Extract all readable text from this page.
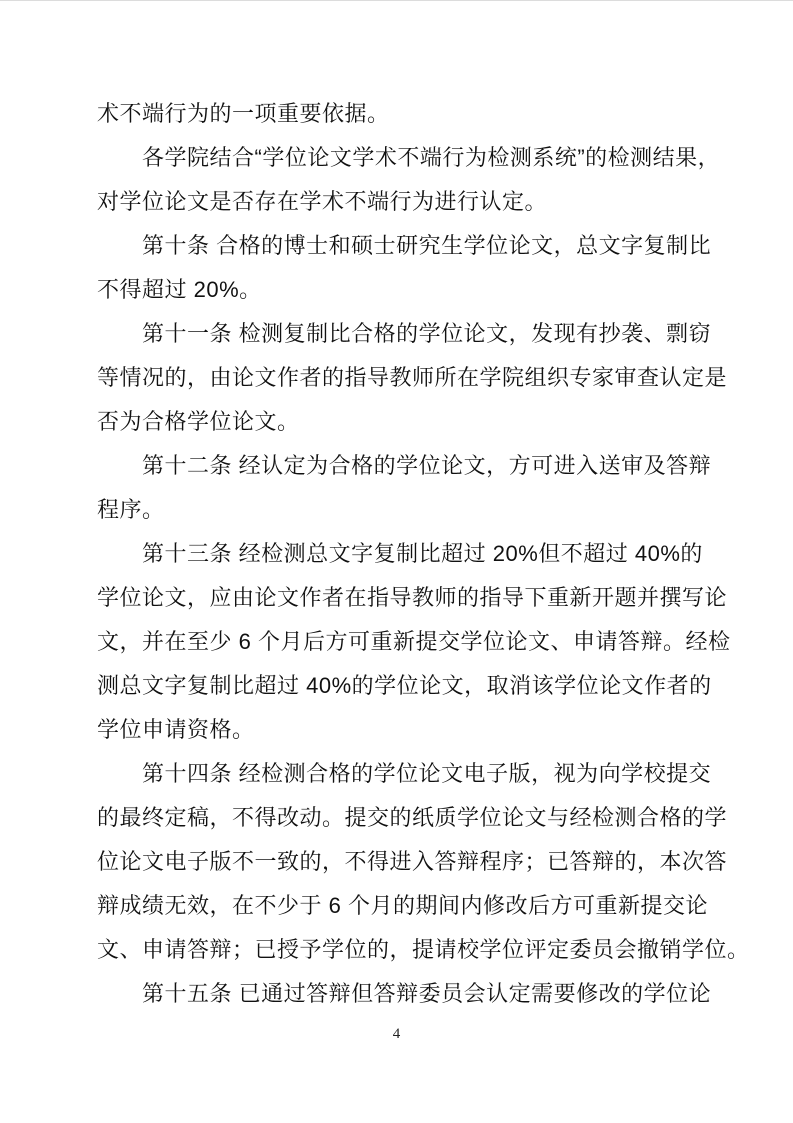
术不端行为的一项重要依据。
各学院结合“学位论文学术不端行为检测系统”的检测结果，
对学位论文是否存在学术不端行为进行认定。
第十条 合格的博士和硕士研究生学位论文，总文字复制比
不得超过 20%。
第十一条 检测复制比合格的学位论文，发现有抄袭、剽窃
等情况的，由论文作者的指导教师所在学院组织专家审查认定是
否为合格学位论文。
第十二条 经认定为合格的学位论文，方可进入送审及答辩
程序。
第十三条 经检测总文字复制比超过 20%但不超过 40%的
学位论文，应由论文作者在指导教师的指导下重新开题并撰写论
文，并在至少 6 个月后方可重新提交学位论文、申请答辩。经检
测总文字复制比超过 40%的学位论文，取消该学位论文作者的
学位申请资格。
第十四条 经检测合格的学位论文电子版，视为向学校提交
的最终定稿，不得改动。提交的纸质学位论文与经检测合格的学
位论文电子版不一致的，不得进入答辩程序；已答辩的，本次答
辩成绩无效，在不少于 6 个月的期间内修改后方可重新提交论
文、申请答辩；已授予学位的，提请校学位评定委员会撤销学位。
第十五条 已通过答辩但答辩委员会认定需要修改的学位论
4
